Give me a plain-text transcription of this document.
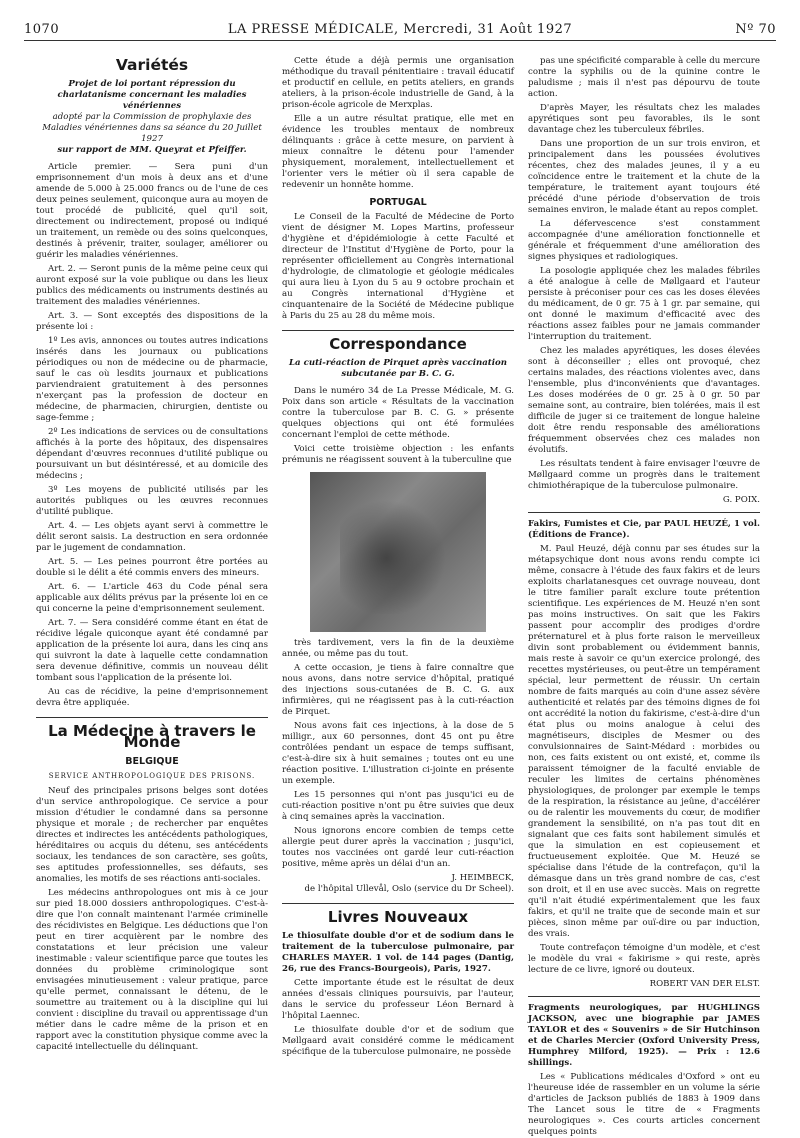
1070	LA PRESSE MÉDICALE, Mercredi, 31 Août 1927	Nº 70
Variétés
Projet de loi portant répression du charlatanisme concernant les maladies vénériennes
adopté par la Commission de prophylaxie des Maladies vénériennes dans sa séance du 20 Juillet 1927
sur rapport de MM. Queyrat et Pfeiffer.

Article premier. — Sera puni d'un emprisonnement d'un mois à deux ans et d'une amende de 5.000 à 25.000 francs ou de l'une de ces deux peines seulement, quiconque aura au moyen de tout procédé de publicité, quel qu'il soit, directement ou indirectement, proposé ou indiqué un traitement, un remède ou des soins quelconques, destinés à prévenir, traiter, soulager, améliorer ou guérir les maladies vénériennes.

Art. 2. — Seront punis de la même peine ceux qui auront exposé sur la voie publique ou dans les lieux publics des médicaments ou instruments destinés au traitement des maladies vénériennes.

Art. 3. — Sont exceptés des dispositions de la présente loi :

1º Les avis, annonces ou toutes autres indications insérés dans les journaux ou publications périodiques ou non de médecine ou de pharmacie, sauf le cas où lesdits journaux et publications parviendraient gratuitement à des personnes n'exerçant pas la profession de docteur en médecine, de pharmacien, chirurgien, dentiste ou sage-femme ;

2º Les indications de services ou de consultations affichés à la porte des hôpitaux, des dispensaires dépendant d'œuvres reconnues d'utilité publique ou poursuivant un but désintéressé, et au domicile des médecins ;

3º Les moyens de publicité utilisés par les autorités publiques ou les œuvres reconnues d'utilité publique.

Art. 4. — Les objets ayant servi à commettre le délit seront saisis. La destruction en sera ordonnée par le jugement de condamnation.

Art. 5. — Les peines pourront être portées au double si le délit a été commis envers des mineurs.

Art. 6. — L'article 463 du Code pénal sera applicable aux délits prévus par la présente loi en ce qui concerne la peine d'emprisonnement seulement.

Art. 7. — Sera considéré comme étant en état de récidive légale quiconque ayant été condamné par application de la présente loi aura, dans les cinq ans qui suivront la date à laquelle cette condamnation sera devenue définitive, commis un nouveau délit tombant sous l'application de la présente loi.

Au cas de récidive, la peine d'emprisonnement devra être appliquée.

La Médecine à travers le Monde
BELGIQUE
SERVICE ANTHROPOLOGIQUE DES PRISONS.

Neuf des principales prisons belges sont dotées d'un service anthropologique. Ce service a pour mission d'étudier le condamné dans sa personne physique et morale ; de rechercher par enquêtes directes et indirectes les antécédents pathologiques, héréditaires ou acquis du détenu, ses antécédents sociaux, les tendances de son caractère, ses goûts, ses aptitudes professionnelles, ses défauts, ses anomalies, les motifs de ses réactions anti-sociales.

Les médecins anthropologues ont mis à ce jour sur pied 18.000 dossiers anthropologiques. C'est-à-dire que l'on connaît maintenant l'armée criminelle des récidivistes en Belgique. Les déductions que l'on peut en tirer acquièrent par le nombre des constatations et leur précision une valeur inestimable : valeur scientifique parce que toutes les données du problème criminologique sont envisagées minutieusement : valeur pratique, parce qu'elle permet, connaissant le détenu, de le soumettre au traitement ou à la discipline qui lui convient : discipline du travail ou apprentissage d'un métier dans le cadre même de la prison et en rapport avec la constitution physique comme avec la capacité intellectuelle du délinquant.

Cette étude a déjà permis une organisation méthodique du travail pénitentiaire : travail éducatif et productif en cellule, en petits ateliers, en grands ateliers, à la prison-école industrielle de Gand, à la prison-école agricole de Merxplas.

Elle a un autre résultat pratique, elle met en évidence les troubles mentaux de nombreux délinquants : grâce à cette mesure, on parvient à mieux connaître le détenu pour l'amender physiquement, moralement, intellectuellement et l'orienter vers le métier où il sera capable de redevenir un honnête homme.

PORTUGAL

Le Conseil de la Faculté de Médecine de Porto vient de désigner M. Lopes Martins, professeur d'hygiène et d'épidémiologie à cette Faculté et directeur de l'Institut d'Hygiène de Porto, pour la représenter officiellement au Congrès international d'hydrologie, de climatologie et géologie médicales qui aura lieu à Lyon du 5 au 9 octobre prochain et au Congrès international d'Hygiène et cinquantenaire de la Société de Médecine publique à Paris du 25 au 28 du même mois.

Correspondance
La cuti-réaction de Pirquet après vaccination subcutanée par B. C. G.

Dans le numéro 34 de La Presse Médicale, M. G. Poix dans son article « Résultats de la vaccination contre la tuberculose par B. C. G. » présente quelques objections qui ont été formulées concernant l'emploi de cette méthode.

Voici cette troisième objection : les enfants prémunis ne réagissent souvent à la tuberculine que

très tardivement, vers la fin de la deuxième année, ou même pas du tout.

A cette occasion, je tiens à faire connaître que nous avons, dans notre service d'hôpital, pratiqué des injections sous-cutanées de B. C. G. aux infirmières, qui ne réagissent pas à la cuti-réaction de Pirquet.

Nous avons fait ces injections, à la dose de 5 milligr., aux 60 personnes, dont 45 ont pu être contrôlées pendant un espace de temps suffisant, c'est-à-dire six à huit semaines ; toutes ont eu une réaction positive. L'illustration ci-jointe en présente un exemple.

Les 15 personnes qui n'ont pas jusqu'ici eu de cuti-réaction positive n'ont pu être suivies que deux à cinq semaines après la vaccination.

Nous ignorons encore combien de temps cette allergie peut durer après la vaccination ; jusqu'ici, toutes nos vaccinées ont gardé leur cuti-réaction positive, même après un délai d'un an.

J. HEIMBECK,
de l'hôpital Ullevål, Oslo (service du Dr Scheel).
Livres Nouveaux

Le thiosulfate double d'or et de sodium dans le traitement de la tuberculose pulmonaire, par CHARLES MAYER. 1 vol. de 144 pages (Dantig, 26, rue des Francs-Bourgeois), Paris, 1927.

Cette importante étude est le résultat de deux années d'essais cliniques poursuivis, par l'auteur, dans le service du professeur Léon Bernard à l'hôpital Laennec.

Le thiosulfate double d'or et de sodium que Møllgaard avait considéré comme le médicament spécifique de la tuberculose pulmonaire, ne possède

pas une spécificité comparable à celle du mercure contre la syphilis ou de la quinine contre le paludisme ; mais il n'est pas dépourvu de toute action.

D'après Mayer, les résultats chez les malades apyrétiques sont peu favorables, ils le sont davantage chez les tuberculeux fébriles.

Dans une proportion de un sur trois environ, et principalement dans les poussées évolutives récentes, chez des malades jeunes, il y a eu coïncidence entre le traitement et la chute de la température, le traitement ayant toujours été précédé d'une période d'observation de trois semaines environ, le malade étant au repos complet.

La défervescence s'est constamment accompagnée d'une amélioration fonctionnelle et générale et fréquemment d'une amélioration des signes physiques et radiologiques.

La posologie appliquée chez les malades fébriles a été analogue à celle de Møllgaard et l'auteur persiste à préconiser pour ces cas les doses élevées du médicament, de 0 gr. 75 à 1 gr. par semaine, qui ont donné le maximum d'efficacité avec des réactions assez faibles pour ne jamais commander l'interruption du traitement.

Chez les malades apyrétiques, les doses élevées sont à déconseiller ; elles ont provoqué, chez certains malades, des réactions violentes avec, dans l'ensemble, plus d'inconvénients que d'avantages. Les doses modérées de 0 gr. 25 à 0 gr. 50 par semaine sont, au contraire, bien tolérées, mais il est difficile de juger si ce traitement de longue haleine doit être rendu responsable des améliorations fréquemment observées chez ces malades non évolutifs.

Les résultats tendent à faire envisager l'œuvre de Møllgaard comme un progrès dans le traitement chimiothérapique de la tuberculose pulmonaire.

G. POIX.

Fakirs, Fumistes et Cie, par PAUL HEUZÉ, 1 vol. (Éditions de France).

M. Paul Heuzé, déjà connu par ses études sur la métapsychique dont nous avons rendu compte ici même, consacre à l'étude des faux fakirs et de leurs exploits charlatanesques cet ouvrage nouveau, dont le titre familier paraît exclure toute prétention scientifique. Les expériences de M. Heuzé n'en sont pas moins instructives. On sait que les Fakirs passent pour accomplir des prodiges d'ordre préternaturel et à plus forte raison le merveilleux divin sont probablement ou évidemment bannis, mais reste à savoir ce qu'un exercice prolongé, des recettes mystérieuses, ou peut-être un tempérament spécial, leur permettent de réussir. Un certain nombre de faits marqués au coin d'une assez sévère authenticité et relatés par des témoins dignes de foi ont accrédité la notion du fakirisme, c'est-à-dire d'un état plus ou moins analogue à celui des magnétiseurs, disciples de Mesmer ou des convulsionnaires de Saint-Médard : morbides ou non, ces faits existent ou ont existé, et, comme ils paraissent témoigner de la faculté enviable de reculer les limites de certains phénomènes physiologiques, de prolonger par exemple le temps de la respiration, la résistance au jeûne, d'accélérer ou de ralentir les mouvements du cœur, de modifier grandement la sensibilité, on n'a pas tout dit en signalant que ces faits sont habilement simulés et que la simulation en est copieusement et fructueusement exploitée. Que M. Heuzé se spécialise dans l'étude de la contrefaçon, qu'il la démasque dans un très grand nombre de cas, c'est son droit, et il en use avec succès. Mais on regrette qu'il n'ait étudié expérimentalement que les faux fakirs, et qu'il ne traite que de seconde main et sur pièces, sinon même par ouï-dire ou par induction, des vrais.

Toute contrefaçon témoigne d'un modèle, et c'est le modèle du vrai « fakirisme » qui reste, après lecture de ce livre, ignoré ou douteux.

ROBERT VAN DER ELST.

Fragments neurologiques, par HUGHLINGS JACKSON, avec une biographie par JAMES TAYLOR et des « Souvenirs » de Sir Hutchinson et de Charles Mercier (Oxford University Press, Humphrey Milford, 1925). — Prix : 12.6 shillings.

Les « Publications médicales d'Oxford » ont eu l'heureuse idée de rassembler en un volume la série d'articles de Jackson publiés de 1883 à 1909 dans The Lancet sous le titre de « Fragments neurologiques ». Ces courts articles concernent quelques points
